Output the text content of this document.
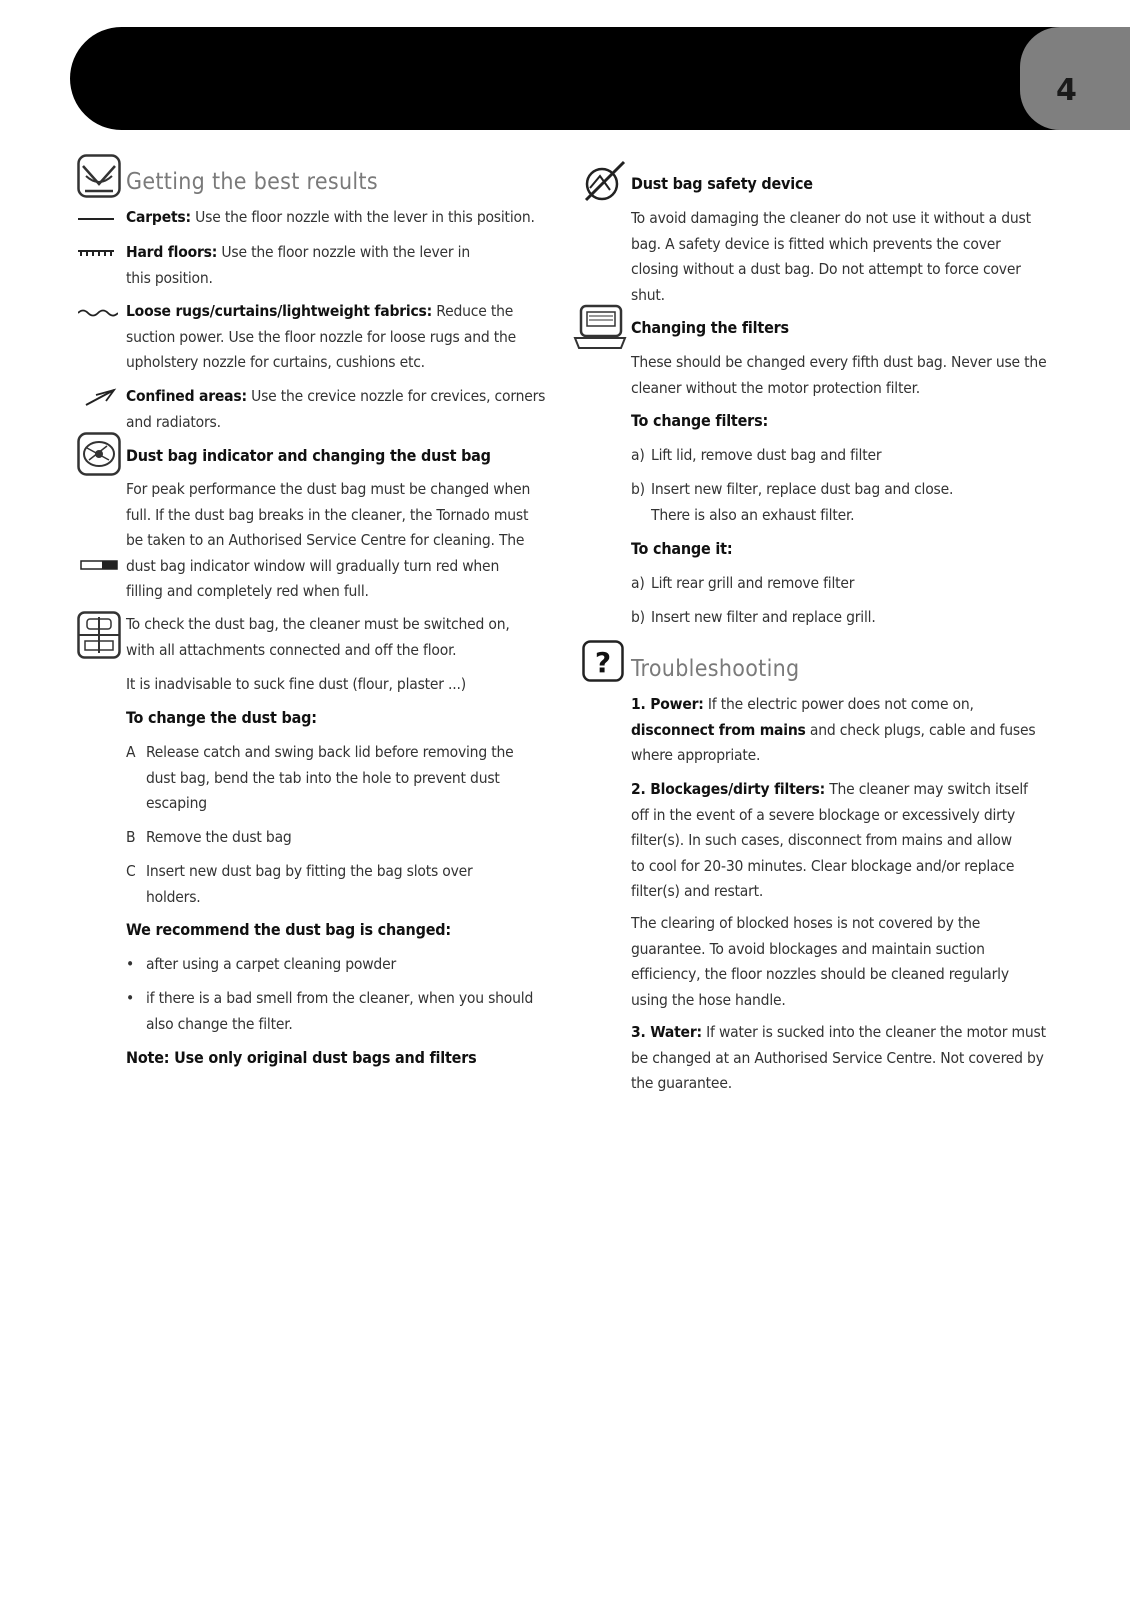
4
Getting the best results
Carpets: Use the floor nozzle with the lever in this position.
Hard floors: Use the floor nozzle with the lever in
this position.
Loose rugs/curtains/lightweight fabrics: Reduce the
suction power. Use the floor nozzle for loose rugs and the
upholstery nozzle for curtains, cushions etc.
Confined areas: Use the crevice nozzle for crevices, corners
and radiators.
Dust bag indicator and changing the dust bag
For peak performance the dust bag must be changed when
full. If the dust bag breaks in the cleaner, the Tornado must
be taken to an Authorised Service Centre for cleaning. The
dust bag indicator window will gradually turn red when
filling and completely red when full.
To check the dust bag, the cleaner must be switched on,
with all attachments connected and off the floor.
It is inadvisable to suck fine dust (flour, plaster ...)
To change the dust bag:
A Release catch and swing back lid before removing the
dust bag, bend the tab into the hole to prevent dust
escaping
B Remove the dust bag
C Insert new dust bag by fitting the bag slots over
holders.
We recommend the dust bag is changed:
• after using a carpet cleaning powder
• if there is a bad smell from the cleaner, when you should
also change the filter.
Note: Use only original dust bags and filters
Dust bag safety device
To avoid damaging the cleaner do not use it without a dust
bag. A safety device is fitted which prevents the cover
closing without a dust bag. Do not attempt to force cover
shut.
Changing the filters
These should be changed every fifth dust bag. Never use the
cleaner without the motor protection filter.
To change filters:
a) Lift lid, remove dust bag and filter
b) Insert new filter, replace dust bag and close.
There is also an exhaust filter.
To change it:
a) Lift rear grill and remove filter
b) Insert new filter and replace grill.
? Troubleshooting
1. Power: If the electric power does not come on,
disconnect from mains and check plugs, cable and fuses
where appropriate.
2. Blockages/dirty filters: The cleaner may switch itself
off in the event of a severe blockage or excessively dirty
filter(s). In such cases, disconnect from mains and allow
to cool for 20-30 minutes. Clear blockage and/or replace
filter(s) and restart.
The clearing of blocked hoses is not covered by the
guarantee. To avoid blockages and maintain suction
efficiency, the floor nozzles should be cleaned regularly
using the hose handle.
3. Water: If water is sucked into the cleaner the motor must
be changed at an Authorised Service Centre. Not covered by
the guarantee.
